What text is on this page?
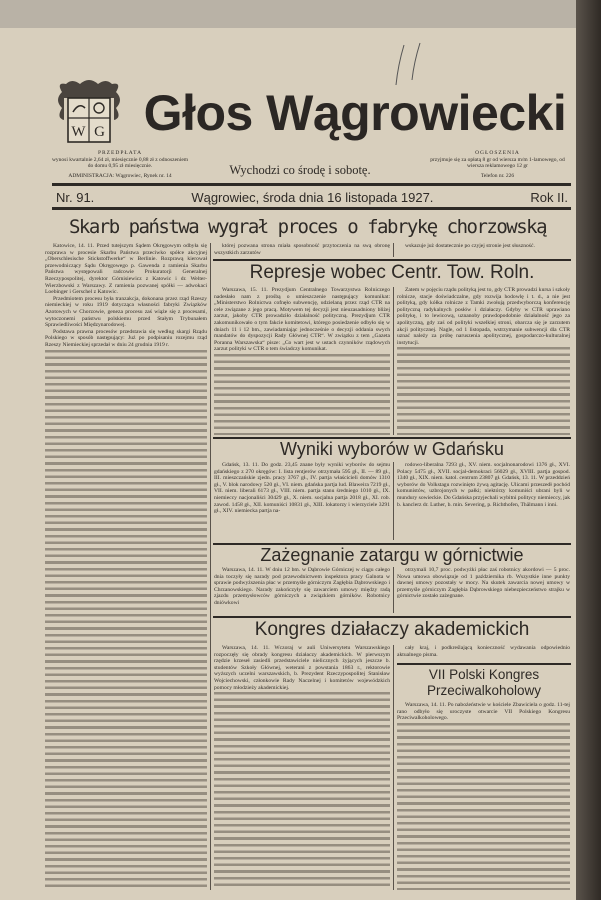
W G Głos Wągrowiecki
PRZEDPŁATA
wynosi kwartalnie 2,64 zł, miesięcznie 0,88 zł z odnoszeniem do domu 0,95 zł miesięcznie.
ADMINISTRACJA: Wągrowiec, Rynek nr. 14	Wychodzi co środę i sobotę.
OGŁOSZENIA
przyjmuje się za opłatą 8 gr od wiersza m/m 1-lamowego, od wiersza reklamowego 12 gr
Telefon nr. 226
Nr. 91.	Wągrowiec, środa dnia 16 listopada 1927.	Rok II.
Skarb państwa wygrał proces o fabrykę chorzowską

Katowice, 14. 11. Przed tutejszym Sądem Okręgowym odbyła się rozprawa w procesie Skarbu Państwa przeciwko spółce akcyjnej „Oberschlesische Stickstoffwerke“ w Berlinie. Rozprawą kierował przewodniczący Sądu Okręgowego p. Gawenda z ramienia Skarbu Państwa występowali radcowie Prokuratorji Generalnej Rzeczypospolitej, dyrektor Górnisiewicz z Katowic i dr. Welter-Wierzbowski z Warszawy. Z ramienia pozwanej spółki — adwokaci Loebinger i Gerschel z Katowic.

Przedmiotem procesu była tranzakcja, dokonana przez rząd Rzeszy niemieckiej w roku 1919 dotycząca własności fabryki Związków Azotowych w Chorzowie, geneza procesu zaś wiąże się z procesami, wytoczonemi państwu polskiemu przed Stałym Trybunałem Sprawiedliwości Międzynarodowej.

Podstawa prawna procesów przedstawia się według skargi Rządu Polskiego w sposób następujący: Już po podpisaniu rozejmu rząd Rzeszy Niemieckiej sprzedał w dniu 24 grudnia 1919 r.

której pozwana strona miała sposobność przytoczenia na swą obronę wszystkich zarzutów

wskazuje już dostatecznie po czyjej stronie jest słuszność.

Represje wobec Centr. Tow. Roln.

Warszawa, 15. 11. Prezydjum Centralnego Towarzystwa Rolniczego nadesłało nam z prośbą o umieszczenie następujący komunikat: „Ministerstwo Rolnictwa cofnęło subwencję, udzielaną przez rząd CTR na cele związane z jego pracą. Motywem tej decyzji jest nieuzasadniony bliżej zarzut, jakoby CTR prowadziło działalność polityczną. Prezydjum CTR zakomunikowało o tym fakcie komitetowi, którego posiedzenie odbyło się w dniach 11 i 12 bm., zawiadamiając jednocześnie o decyzji oddania swych mandatów do dyspozycji Rady Głównej CTR“. W związku z tem „Gazeta Poranna Warszawska“ pisze: „Co wart jest w ustach czynników rządowych zarzut polityki w CTR o tem świadczy komunikat.

Zatem w pojęciu rządu polityką jest to, gdy CTR prowadzi kursa i szkoły rolnicze, stacje doświadczalne, gdy rozwija hodowlę i t. d., a nie jest polityką, gdy kółka rolnicze z Tamki zwołują przedwyborczą konferencję polityczną radykalnych posłów i działaczy. Gdyby w CTR uprawiano politykę, i to lewicową, uznanoby prawdopodobnie działalność jego za apolityczną, gdy zaś od polityki wszelkiej stroni, obarcza się je zarzutem akcji politycznej. Nagle, od 1 listopada, wstrzymanie subwencji dla CTR uznać należy za próbę naruszenia apolitycznej, gospodarczo-kulturalnej instytucji.

Wyniki wyborów w Gdańsku

Gdańsk, 13. 11. Do godz. 23,45 znane były wyniki wyborów do sejmu gdańskiego z 270 okręgów: I. lista rentjerów otrzymała 595 gł., II. — 89 gł., III. mieszczańskie zjedn. pracy 3767 gł., IV. partja właścicieli domów 1310 gł., V. blok narodowy 520 gł., VI. niem. gdańska partja lud. Blaweira 7219 gł., VII. niem. liberali 6173 gł., VIII. niem. partja stanu średniego 1010 gł., IX. niemieccy nacjonaliści 30429 gł., X. niem. socjalna partja 2018 gł., XI. rob. zawod. 1458 gł., XII. komuniści 10831 gł., XIII. lokatorzy i wierzyciele 3291 gł., XIV. niemiecka partja na-

rodowo-liberalna 7293 gł., XV. niem. socjalnonarodowi 1376 gł., XVI. Polacy 5475 gł., XVII. socjal-demokraci 56029 gł., XVIII. partja gospod. 1340 gł., XIX. niem. katol. centrum 23807 gł. Gdańsk, 13. 11. W przeddzień wyborów do Volkstagu rozwinięto żywą agitację. Ulicami przeszedł pochód komunistów, uzbrojonych w pałki; niektórzy komuniści ubrani byli w mundury sowieckie. Do Gdańska przyjechali wybitni politycy niemieccy, jak b. kanclerz dr. Luther, b. min. Severing, p. Richthofen, Thälmann i inni.

Zażegnanie zatargu w górnictwie

Warszawa, 14. 11. W dniu 12 bm. w Dąbrowie Górniczej w ciągu całego dnia toczyły się narady pod przewodnictwem inspektora pracy Galnota w sprawie podwyższenia płac w przemyśle górniczym Zagłębia Dąbrowskiego i Chrzanowskiego. Narady zakończyły się zawarciem umowy między radą zjazdu przemysłowców górniczych a związkiem górników. Robotnicy dniówkowi

otrzymali 10,7 proc. podwyżki płac zaś robotnicy akordowi — 5 proc. Nowa umowa obowiązuje od 1 października rb. Wszystkie inne punkty dawnej umowy pozostały w mocy. Na skutek zawarcia nowej umowy w przemyśle górniczym Zagłębia Dąbrowskiego niebezpieczeństwo strajku w górnictwie zostało zażegnane.

Kongres działaczy akademickich

Warszawa, 14. 11. Wczoraj w auli Uniwersytetu Warszawskiego rozpoczęły się obrady kongresu działaczy akademickich. W pierwszym rzędzie krzeseł zasiedli przedstawiciele nielicznych żyjących jeszcze b. studentów Szkoły Głównej, weterani z powstania 1863 r., rektorowie wyższych uczelni warszawskich, b. Prezydent Rzeczypospolitej Stanisław Wojciechowski, członkowie Rady Naczelnej i komitetów wojewódzkich pomocy młodzieży akademickiej.

cały kraj, i podkreślającą konieczność wydawania odpowiednio aktualnego pisma.

VII Polski Kongres
Przeciwalkoholowy

Warszawa, 14. 11. Po nabożeństwie w kościele Zbawiciela o godz. 11-tej rano odbyło się uroczyste otwarcie VII Polskiego Kongresu Przeciwalkoholowego.
